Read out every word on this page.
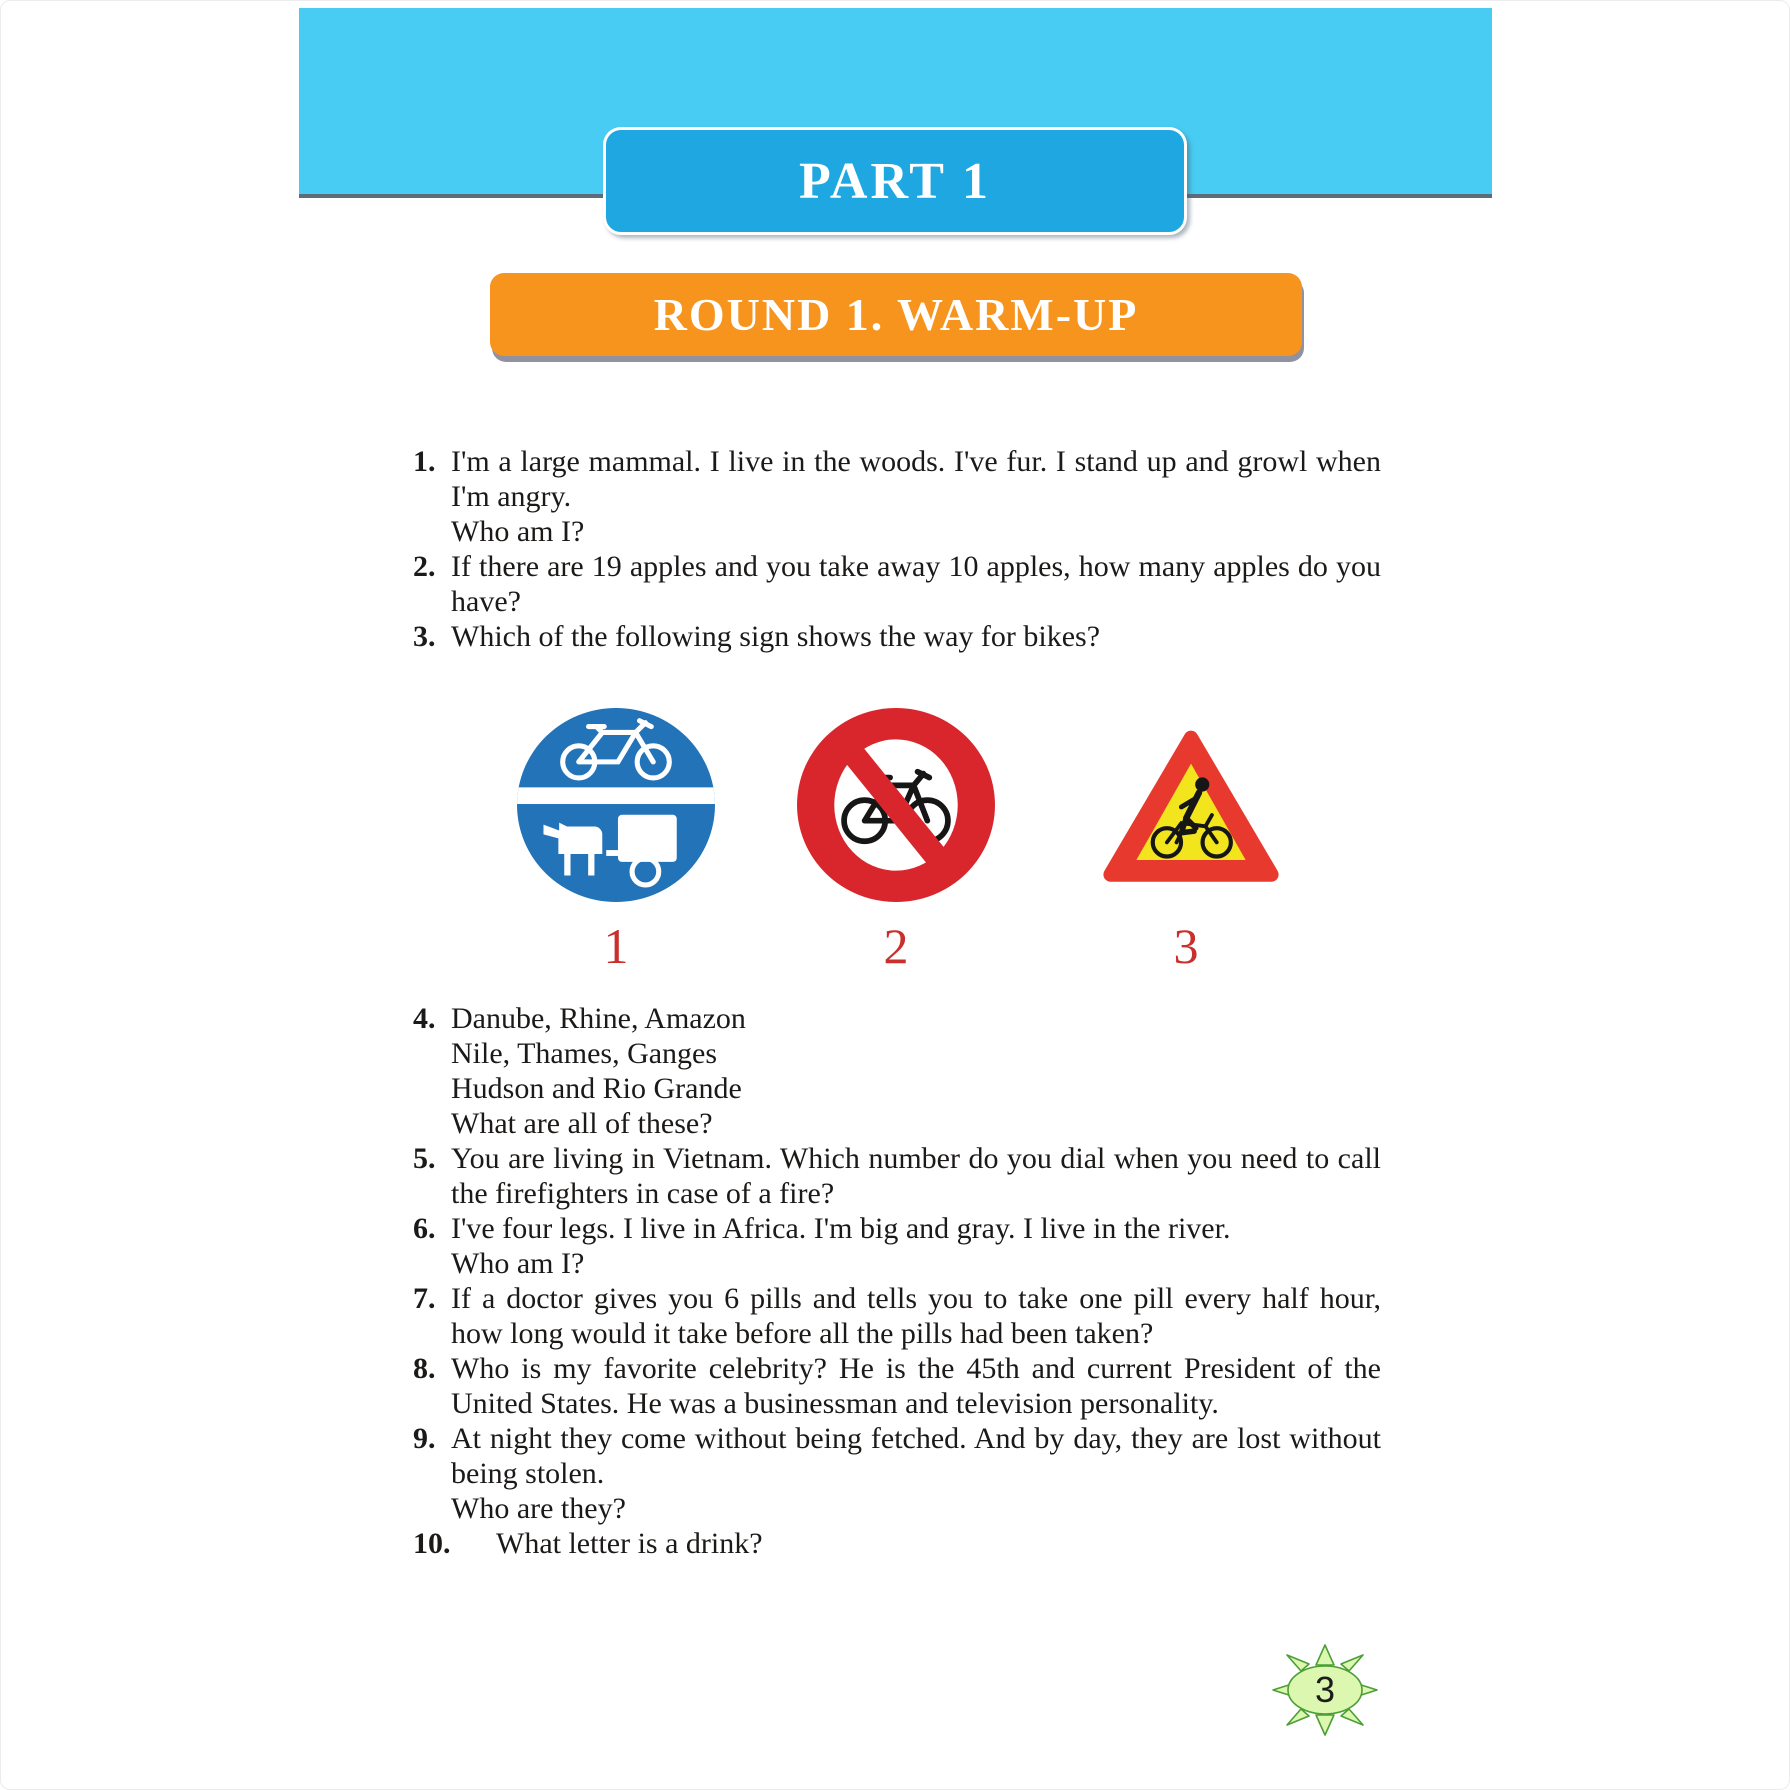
PART 1
ROUND 1. WARM-UP
1. I'm a large mammal. I live in the woods. I've fur. I stand up and growl when
I'm angry.
Who am I?
2. If there are 19 apples and you take away 10 apples, how many apples do you
have?
3. Which of the following sign shows the way for bikes?
4. Danube, Rhine, Amazon
Nile, Thames, Ganges
Hudson and Rio Grande
What are all of these?
5. You are living in Vietnam. Which number do you dial when you need to call
the firefighters in case of a fire?
6. I've four legs. I live in Africa. I'm big and gray. I live in the river.
Who am I?
7. If a doctor gives you 6 pills and tells you to take one pill every half hour,
how long would it take before all the pills had been taken?
8. Who is my favorite celebrity? He is the 45th and current President of the
United States. He was a businessman and television personality.
9. At night they come without being fetched. And by day, they are lost without
being stolen.
Who are they?
10. What letter is a drink?
1	2	3
3
